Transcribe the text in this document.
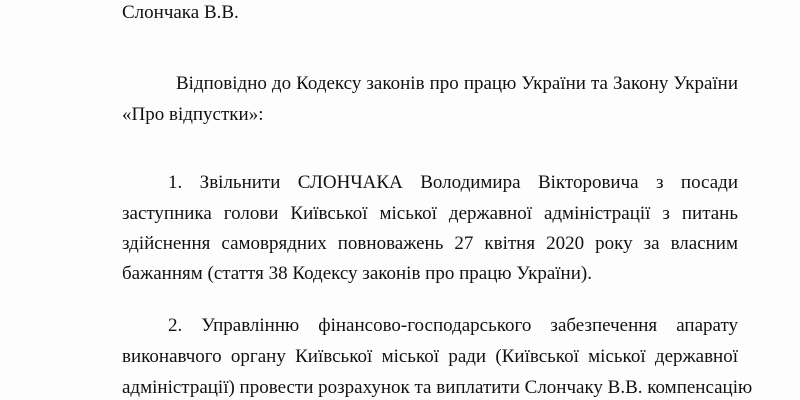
Слончака В.В.
Відповідно до Кодексу законів про працю України та Закону України
«Про відпустки»:
1. Звільнити СЛОНЧАКА Володимира Вікторовича з посади
заступника голови Київської міської державної адміністрації з питань
здійснення самоврядних повноважень 27 квітня 2020 року за власним
бажанням (стаття 38 Кодексу законів про працю України).
2. Управлінню фінансово-господарського забезпечення апарату
виконавчого органу Київської міської ради (Київської міської державної
адміністрації) провести розрахунок та виплатити Слончаку В.В. компенсацію
